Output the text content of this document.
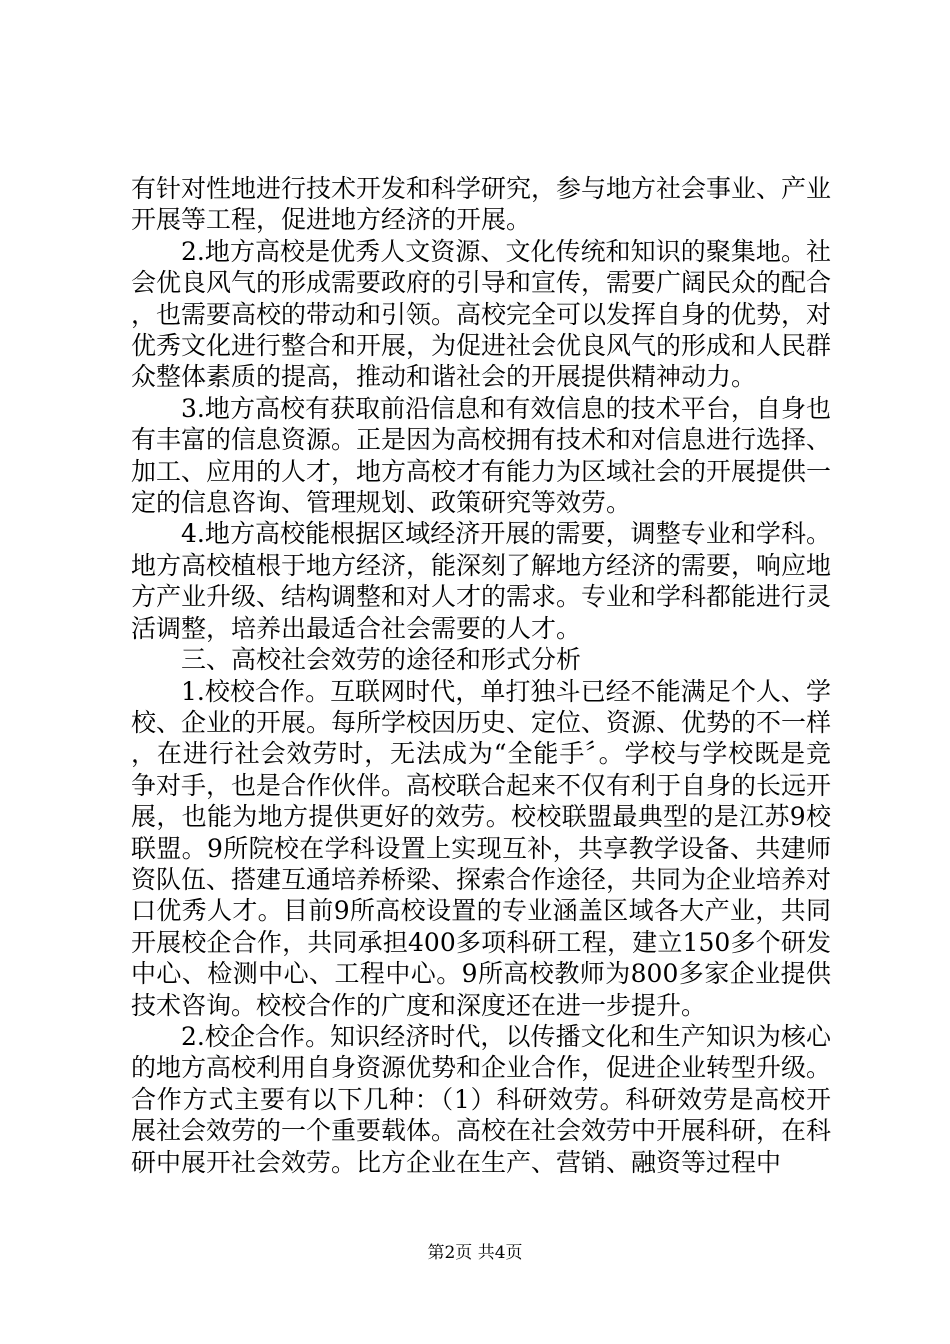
有针对性地进行技术开发和科学研究，参与地方社会事业、产业开展等工程，促进地方经济的开展。

2.地方高校是优秀人文资源、文化传统和知识的聚集地。社会优良风气的形成需要政府的引导和宣传，需要广阔民众的配合，也需要高校的带动和引领。高校完全可以发挥自身的优势，对优秀文化进行整合和开展，为促进社会优良风气的形成和人民群众整体素质的提高，推动和谐社会的开展提供精神动力。

3.地方高校有获取前沿信息和有效信息的技术平台，自身也有丰富的信息资源。正是因为高校拥有技术和对信息进行选择、加工、应用的人才，地方高校才有能力为区域社会的开展提供一定的信息咨询、管理规划、政策研究等效劳。

4.地方高校能根据区域经济开展的需要，调整专业和学科。地方高校植根于地方经济，能深刻了解地方经济的需要，响应地方产业升级、结构调整和对人才的需求。专业和学科都能进行灵活调整，培养出最适合社会需要的人才。

三、高校社会效劳的途径和形式分析

1.校校合作。互联网时代，单打独斗已经不能满足个人、学校、企业的开展。每所学校因历史、定位、资源、优势的不一样，在进行社会效劳时，无法成为“全能手〞。学校与学校既是竞争对手，也是合作伙伴。高校联合起来不仅有利于自身的长远开展，也能为地方提供更好的效劳。校校联盟最典型的是江苏9校联盟。9所院校在学科设置上实现互补，共享教学设备、共建师资队伍、搭建互通培养桥梁、探索合作途径，共同为企业培养对口优秀人才。目前9所高校设置的专业涵盖区域各大产业，共同开展校企合作，共同承担400多项科研工程，建立150多个研发中心、检测中心、工程中心。9所高校教师为800多家企业提供技术咨询。校校合作的广度和深度还在进一步提升。

2.校企合作。知识经济时代，以传播文化和生产知识为核心的地方高校利用自身资源优势和企业合作，促进企业转型升级。合作方式主要有以下几种：（1）科研效劳。科研效劳是高校开展社会效劳的一个重要载体。高校在社会效劳中开展科研，在科研中展开社会效劳。比方企业在生产、营销、融资等过程中

第2页 共4页
